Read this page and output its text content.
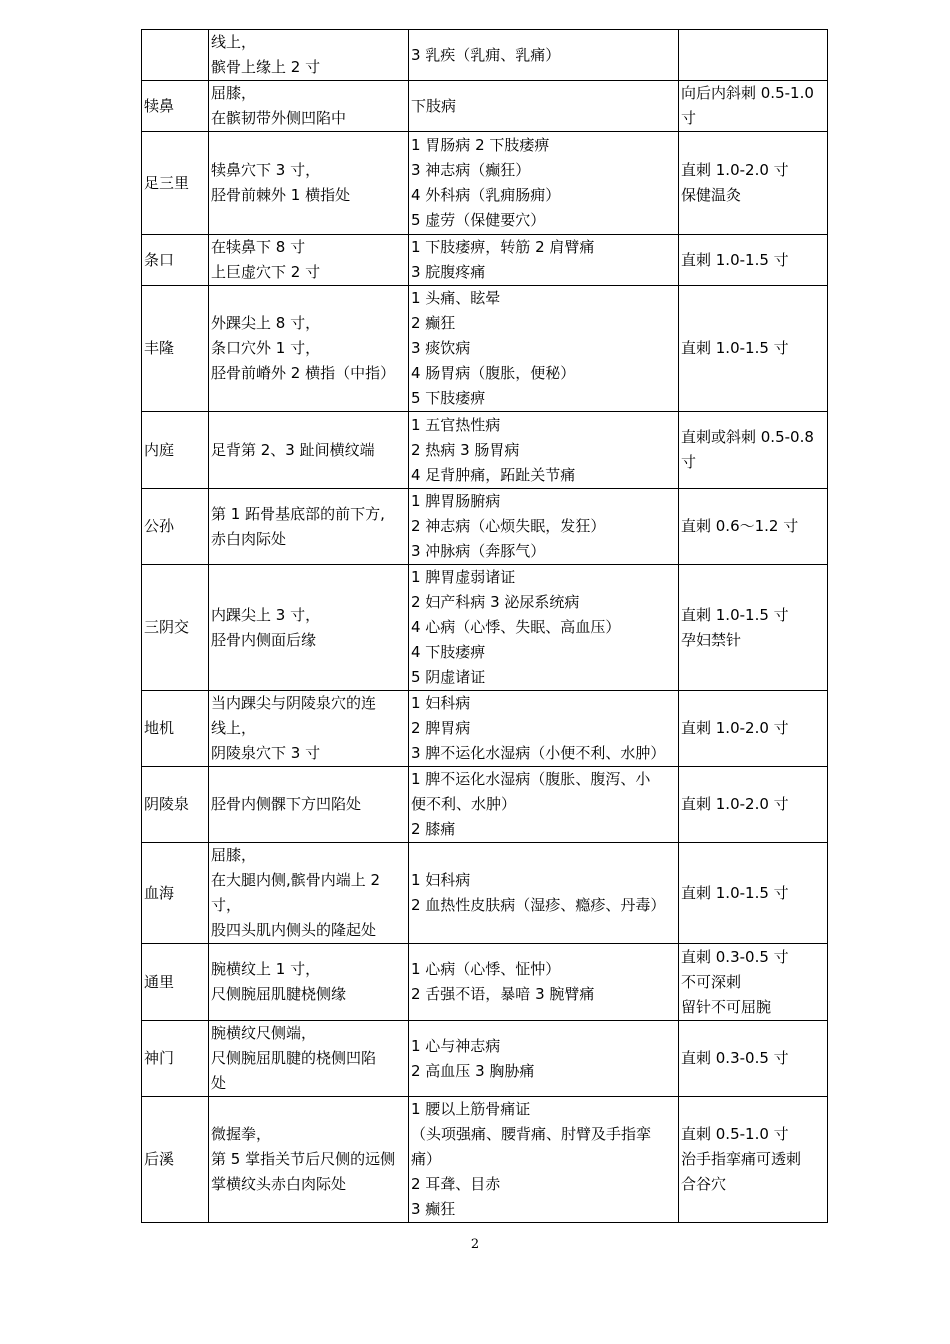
	线上，
髌骨上缘上 2 寸	3 乳疾（乳痈、乳痛）	

犊鼻	屈膝，
在髌韧带外侧凹陷中	下肢病	向后内斜刺 0.5-1.0
寸

足三里	犊鼻穴下 3 寸，
胫骨前棘外 1 横指处	1 胃肠病 2 下肢痿痹
3 神志病（癫狂）
4 外科病（乳痈肠痈）
5 虚劳（保健要穴）	直刺 1.0-2.0 寸
保健温灸

条口	在犊鼻下 8 寸
上巨虚穴下 2 寸	1 下肢痿痹，转筋 2 肩臂痛
3 脘腹疼痛	直刺 1.0-1.5 寸

丰隆	外踝尖上 8 寸，
条口穴外 1 寸，
胫骨前嵴外 2 横指（中指）	1 头痛、眩晕
2 癫狂
3 痰饮病
4 肠胃病（腹胀，便秘）
5 下肢痿痹	直刺 1.0-1.5 寸

内庭	足背第 2、3 趾间横纹端	1 五官热性病
2 热病 3 肠胃病
4 足背肿痛，跖趾关节痛	直刺或斜刺 0.5-0.8
寸

公孙	第 1 跖骨基底部的前下方,
赤白肉际处	1 脾胃肠腑病
2 神志病（心烦失眠，发狂）
3 冲脉病（奔豚气）	直刺 0.6～1.2 寸

三阴交	内踝尖上 3 寸，
胫骨内侧面后缘	1 脾胃虚弱诸证
2 妇产科病 3 泌尿系统病
4 心病（心悸、失眠、高血压）
4 下肢痿痹
5 阴虚诸证	直刺 1.0-1.5 寸
孕妇禁针

地机	当内踝尖与阴陵泉穴的连
线上，
阴陵泉穴下 3 寸	1 妇科病
2 脾胃病
3 脾不运化水湿病（小便不利、水肿）	直刺 1.0-2.0 寸

阴陵泉	胫骨内侧髁下方凹陷处	1 脾不运化水湿病（腹胀、腹泻、小
便不利、水肿）
2 膝痛	直刺 1.0-2.0 寸

血海	屈膝，
在大腿内侧,髌骨内端上 2
寸，
股四头肌内侧头的隆起处	1 妇科病
2 血热性皮肤病（湿疹、瘾疹、丹毒）	直刺 1.0-1.5 寸

通里	腕横纹上 1 寸，
尺侧腕屈肌腱桡侧缘	1 心病（心悸、怔忡）
2 舌强不语，暴喑 3 腕臂痛	直刺 0.3-0.5 寸
不可深刺
留针不可屈腕

神门	腕横纹尺侧端，
尺侧腕屈肌腱的桡侧凹陷
处	1 心与神志病
2 高血压 3 胸胁痛	直刺 0.3-0.5 寸

后溪	微握拳，
第 5 掌指关节后尺侧的远侧
掌横纹头赤白肉际处	1 腰以上筋骨痛证
（头项强痛、腰背痛、肘臂及手指挛
痛）
2 耳聋、目赤
3 癫狂	直刺 0.5-1.0 寸
治手指挛痛可透刺
合谷穴
2
